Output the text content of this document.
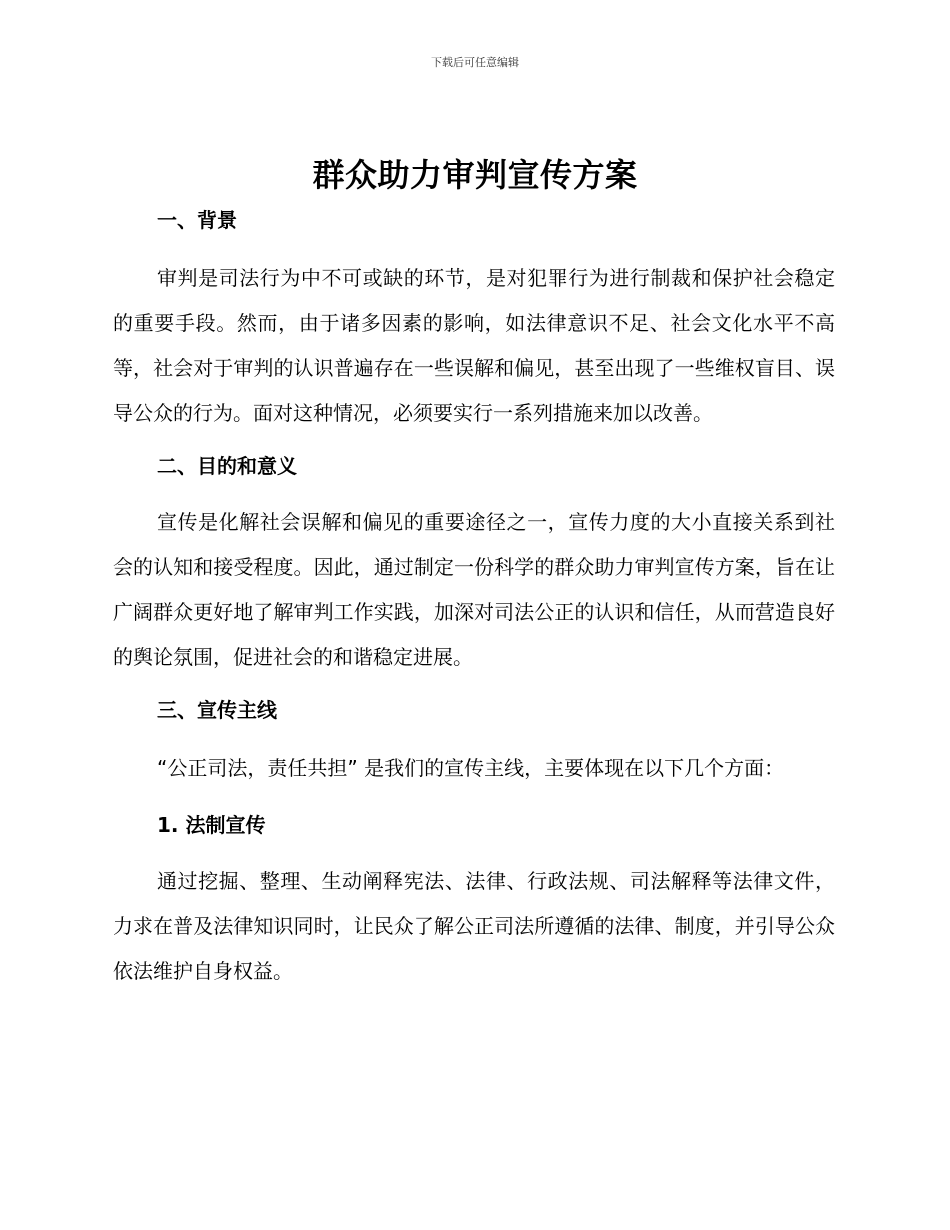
下载后可任意编辑
群众助力审判宣传方案
一、背景

审判是司法行为中不可或缺的环节，是对犯罪行为进行制裁和保护社会稳定的重要手段。然而，由于诸多因素的影响，如法律意识不足、社会文化水平不高等，社会对于审判的认识普遍存在一些误解和偏见，甚至出现了一些维权盲目、误导公众的行为。面对这种情况，必须要实行一系列措施来加以改善。

二、目的和意义

宣传是化解社会误解和偏见的重要途径之一，宣传力度的大小直接关系到社会的认知和接受程度。因此，通过制定一份科学的群众助力审判宣传方案，旨在让广阔群众更好地了解审判工作实践，加深对司法公正的认识和信任，从而营造良好的舆论氛围，促进社会的和谐稳定进展。

三、宣传主线

“公正司法，责任共担” 是我们的宣传主线，主要体现在以下几个方面：

1. 法制宣传

通过挖掘、整理、生动阐释宪法、法律、行政法规、司法解释等法律文件，力求在普及法律知识同时，让民众了解公正司法所遵循的法律、制度，并引导公众依法维护自身权益。
